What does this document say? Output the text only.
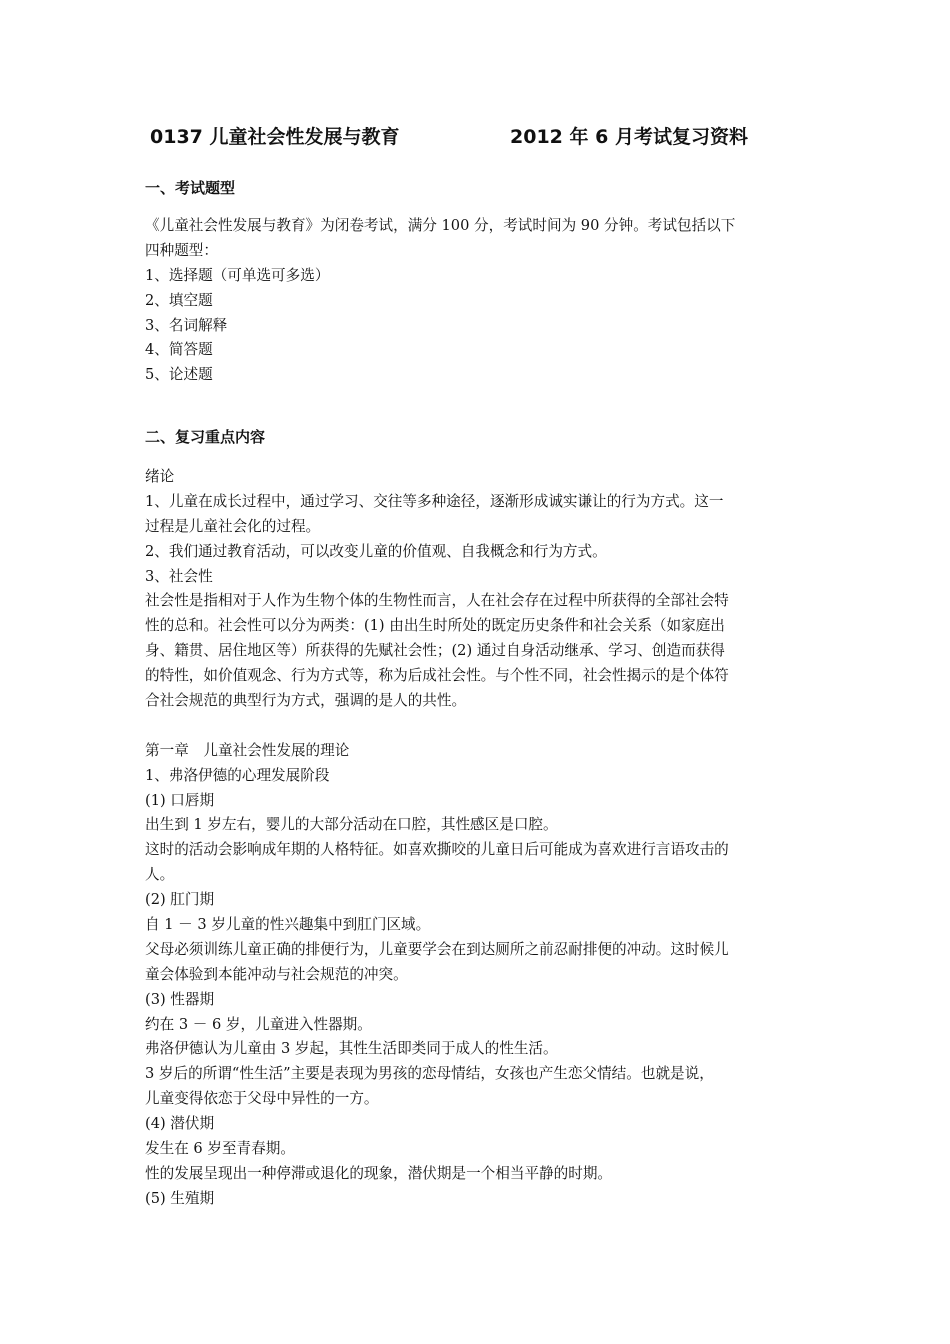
0137 儿童社会性发展与教育	2012 年 6 月考试复习资料
一、考试题型
《儿童社会性发展与教育》为闭卷考试，满分 100 分，考试时间为 90 分钟。考试包括以下
四种题型：
1、选择题（可单选可多选）
2、填空题
3、名词解释
4、简答题
5、论述题
二、复习重点内容
绪论
1、儿童在成长过程中，通过学习、交往等多种途径，逐渐形成诚实谦让的行为方式。这一
过程是儿童社会化的过程。
2、我们通过教育活动，可以改变儿童的价值观、自我概念和行为方式。
3、社会性
社会性是指相对于人作为生物个体的生物性而言，人在社会存在过程中所获得的全部社会特
性的总和。社会性可以分为两类：(1) 由出生时所处的既定历史条件和社会关系（如家庭出
身、籍贯、居住地区等）所获得的先赋社会性；(2) 通过自身活动继承、学习、创造而获得
的特性，如价值观念、行为方式等，称为后成社会性。与个性不同，社会性揭示的是个体符
合社会规范的典型行为方式，强调的是人的共性。
第一章　儿童社会性发展的理论
1、弗洛伊德的心理发展阶段
(1) 口唇期
出生到 1 岁左右，婴儿的大部分活动在口腔，其性感区是口腔。
这时的活动会影响成年期的人格特征。如喜欢撕咬的儿童日后可能成为喜欢进行言语攻击的
人。
(2) 肛门期
自 1 － 3 岁儿童的性兴趣集中到肛门区域。
父母必须训练儿童正确的排便行为，儿童要学会在到达厕所之前忍耐排便的冲动。这时候儿
童会体验到本能冲动与社会规范的冲突。
(3) 性器期
约在 3 － 6 岁，儿童进入性器期。
弗洛伊德认为儿童由 3 岁起，其性生活即类同于成人的性生活。
3 岁后的所谓“性生活”主要是表现为男孩的恋母情结，女孩也产生恋父情结。也就是说，
儿童变得依恋于父母中异性的一方。
(4) 潜伏期
发生在 6 岁至青春期。
性的发展呈现出一种停滞或退化的现象，潜伏期是一个相当平静的时期。
(5) 生殖期
